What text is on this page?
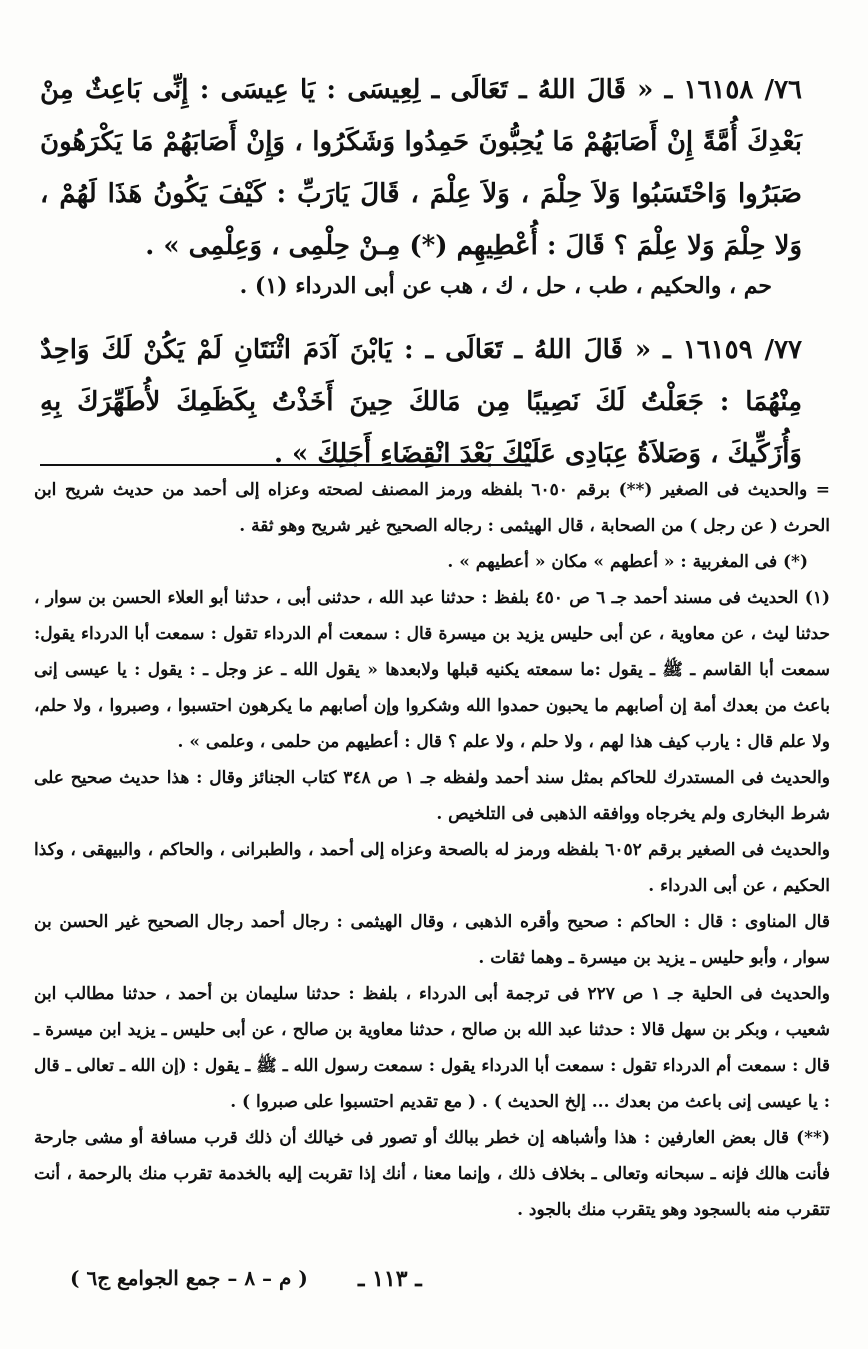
٧٦/ ١٦١٥٨ ـ « قَالَ اللهُ ـ تَعَالَى ـ لِعِيسَى : يَا عِيسَى : إِنِّى بَاعِثٌ مِنْ بَعْدِكَ أُمَّةً إِنْ أَصَابَهُمْ مَا يُحِبُّونَ حَمِدُوا وَشَكَرُوا ، وَإِنْ أَصَابَهُمْ مَا يَكْرَهُونَ صَبَرُوا وَاحْتَسَبُوا وَلاَ حِلْمَ ، وَلاَ عِلْمَ ، قَالَ يَارَبِّ : كَيْفَ يَكُونُ هَذَا لَهُمْ ، وَلا حِلْمَ وَلا عِلْمَ ؟ قَالَ : أُعْطِيهِم (*) مِـنْ حِلْمِى ، وَعِلْمِى » .

حم ، والحكيم ، طب ، حل ، ك ، هب عن أبى الدرداء (١) .

٧٧/ ١٦١٥٩ ـ « قَالَ اللهُ ـ تَعَالَى ـ : يَابْنَ آدَمَ اثْنَتَانِ لَمْ يَكُنْ لَكَ وَاحِدٌ مِنْهُمَا : جَعَلْتُ لَكَ نَصِيبًا مِن مَالكَ حِينَ أَخَذْتُ بِكَظَمِكَ لأُطَهِّرَكَ بِهِ وَأُزَكِّيكَ ، وَصَلاَةُ عِبَادِى عَلَيْكَ بَعْدَ انْقِضَاءِ أَجَلِكَ » .

= والحديث فى الصغير (**) برقم ٦٠٥٠ بلفظه ورمز المصنف لصحته وعزاه إلى أحمد من حديث شريح ابن الحرث ( عن رجل ) من الصحابة ، قال الهيثمى : رجاله الصحيح غير شريح وهو ثقة .

(*) فى المغربية : « أعطهم » مكان « أعطيهم » .

(١) الحديث فى مسند أحمد جـ ٦ ص ٤٥٠ بلفظ : حدثنا عبد الله ، حدثنى أبى ، حدثنا أبو العلاء الحسن بن سوار ، حدثنا ليث ، عن معاوية ، عن أبى حليس يزيد بن ميسرة قال : سمعت أم الدرداء تقول : سمعت أبا الدرداء يقول: سمعت أبا القاسم ـ ﷺ ـ يقول :ما سمعته يكنيه قبلها ولابعدها « يقول الله ـ عز وجل ـ : يقول : يا عيسى إنى باعث من بعدك أمة إن أصابهم ما يحبون حمدوا الله وشكروا وإن أصابهم ما يكرهون احتسبوا ، وصبروا ، ولا حلم، ولا علم قال : يارب كيف هذا لهم ، ولا حلم ، ولا علم ؟ قال : أعطيهم من حلمى ، وعلمى » .

والحديث فى المستدرك للحاكم بمثل سند أحمد ولفظه جـ ١ ص ٣٤٨ كتاب الجنائز وقال : هذا حديث صحيح على شرط البخارى ولم يخرجاه ووافقه الذهبى فى التلخيص .

والحديث فى الصغير برقم ٦٠٥٢ بلفظه ورمز له بالصحة وعزاه إلى أحمد ، والطبرانى ، والحاكم ، والبيهقى ، وكذا الحكيم ، عن أبى الدرداء .

قال المناوى : قال : الحاكم : صحيح وأقره الذهبى ، وقال الهيثمى : رجال أحمد رجال الصحيح غير الحسن بن سوار ، وأبو حليس ـ يزيد بن ميسرة ـ وهما ثقات .

والحديث فى الحلية جـ ١ ص ٢٢٧ فى ترجمة أبى الدرداء ، بلفظ : حدثنا سليمان بن أحمد ، حدثنا مطالب ابن شعيب ، وبكر بن سهل قالا : حدثنا عبد الله بن صالح ، حدثنا معاوية بن صالح ، عن أبى حليس ـ يزيد ابن ميسرة ـ قال : سمعت أم الدرداء تقول : سمعت أبا الدرداء يقول : سمعت رسول الله ـ ﷺ ـ يقول : (إن الله ـ تعالى ـ قال : يا عيسى إنى باعث من بعدك ... إلخ الحديث ) . ( مع تقديم احتسبوا على صبروا ) .

(**) قال بعض العارفين : هذا وأشباهه إن خطر ببالك أو تصور فى خيالك أن ذلك قرب مسافة أو مشى جارحة فأنت هالك فإنه ـ سبحانه وتعالى ـ بخلاف ذلك ، وإنما معنا ، أنك إذا تقربت إليه بالخدمة تقرب منك بالرحمة ، أنت تتقرب منه بالسجود وهو يتقرب منك بالجود .

ـ ١١٣ ـ
( م – ٨ – جمع الجوامع ج٦ )
